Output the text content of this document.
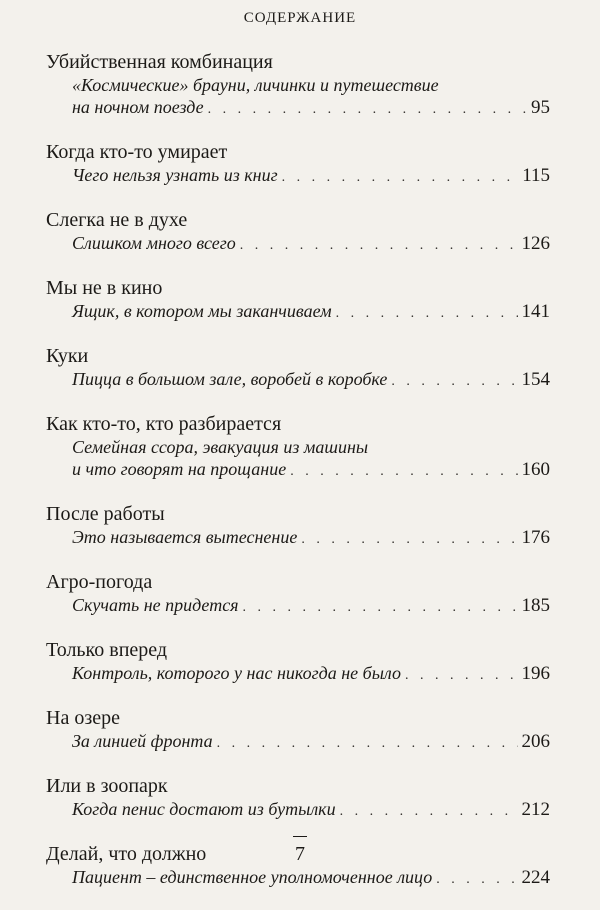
СОДЕРЖАНИЕ
Убийственная комбинация
«Космические» брауни, личинки и путешествие
на ночном поезде . . .	95
Когда кто-то умирает
Чего нельзя узнать из книг . . .	115
Слегка не в духе
Слишком много всего . . .	126
Мы не в кино
Ящик, в котором мы заканчиваем . . .	141
Куки
Пицца в большом зале, воробей в коробке . . .	154
Как кто-то, кто разбирается
Семейная ссора, эвакуация из машины
и что говорят на прощание . . .	160
После работы
Это называется вытеснение . . .	176
Агро-погода
Скучать не придется . . .	185
Только вперед
Контроль, которого у нас никогда не было . . .	196
На озере
За линией фронта . . .	206
Или в зоопарк
Когда пенис достают из бутылки . . .	212
Делай, что должно
Пациент – единственное уполномоченное лицо . . .	224
7
